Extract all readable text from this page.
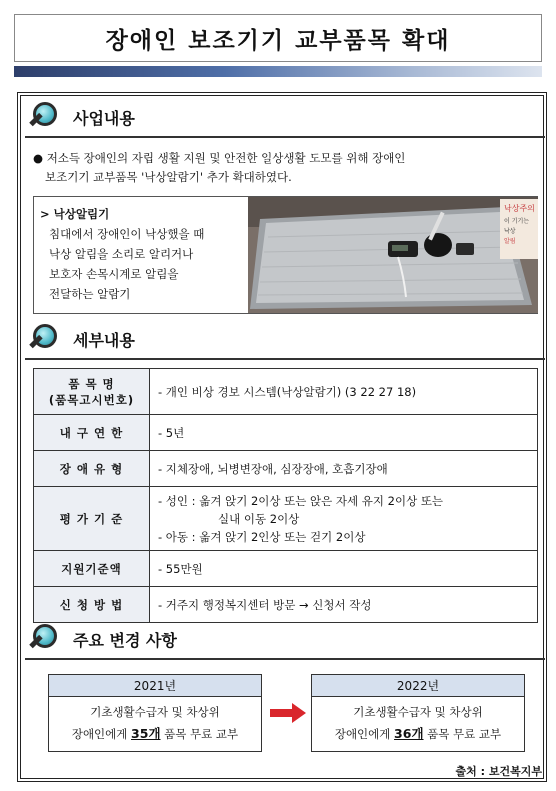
장애인 보조기기 교부품목 확대
사업내용
● 저소득 장애인의 자립 생활 지원 및 안전한 일상생활 도모를 위해 장애인
보조기기 교부품목 '낙상알람기' 추가 확대하였다.
> 낙상알림기
침대에서 장애인이 낙상했을 때
낙상 알림을 소리로 알리거나
보호자 손목시계로 알림을
전달하는 알람기
낙상주의
이 기기는
낙상
알림
세부내용
품 목 명
(품목고시번호)	- 개인 비상 경보 시스템(낙상알람기) (3 22 27 18)
내 구 연 한	- 5년
장 애 유 형	- 지체장애, 뇌병변장애, 심장장애, 호흡기장애
평 가 기 준	- 성인 : 옮겨 앉기 2이상 또는 앉은 자세 유지 2이상 또는
실내 이동 2이상
- 아동 : 옮겨 앉기 2인상 또는 걷기 2이상

지원기준액	- 55만원
신 청 방 법	- 거주지 행정복지센터 방문 → 신청서 작성
주요 변경 사항
2021년
기초생활수급자 및 차상위
장애인에게 35개 품목 무료 교부
2022년
기초생활수급자 및 차상위
장애인에게 36개 품목 무료 교부
출처 : 보건복지부
